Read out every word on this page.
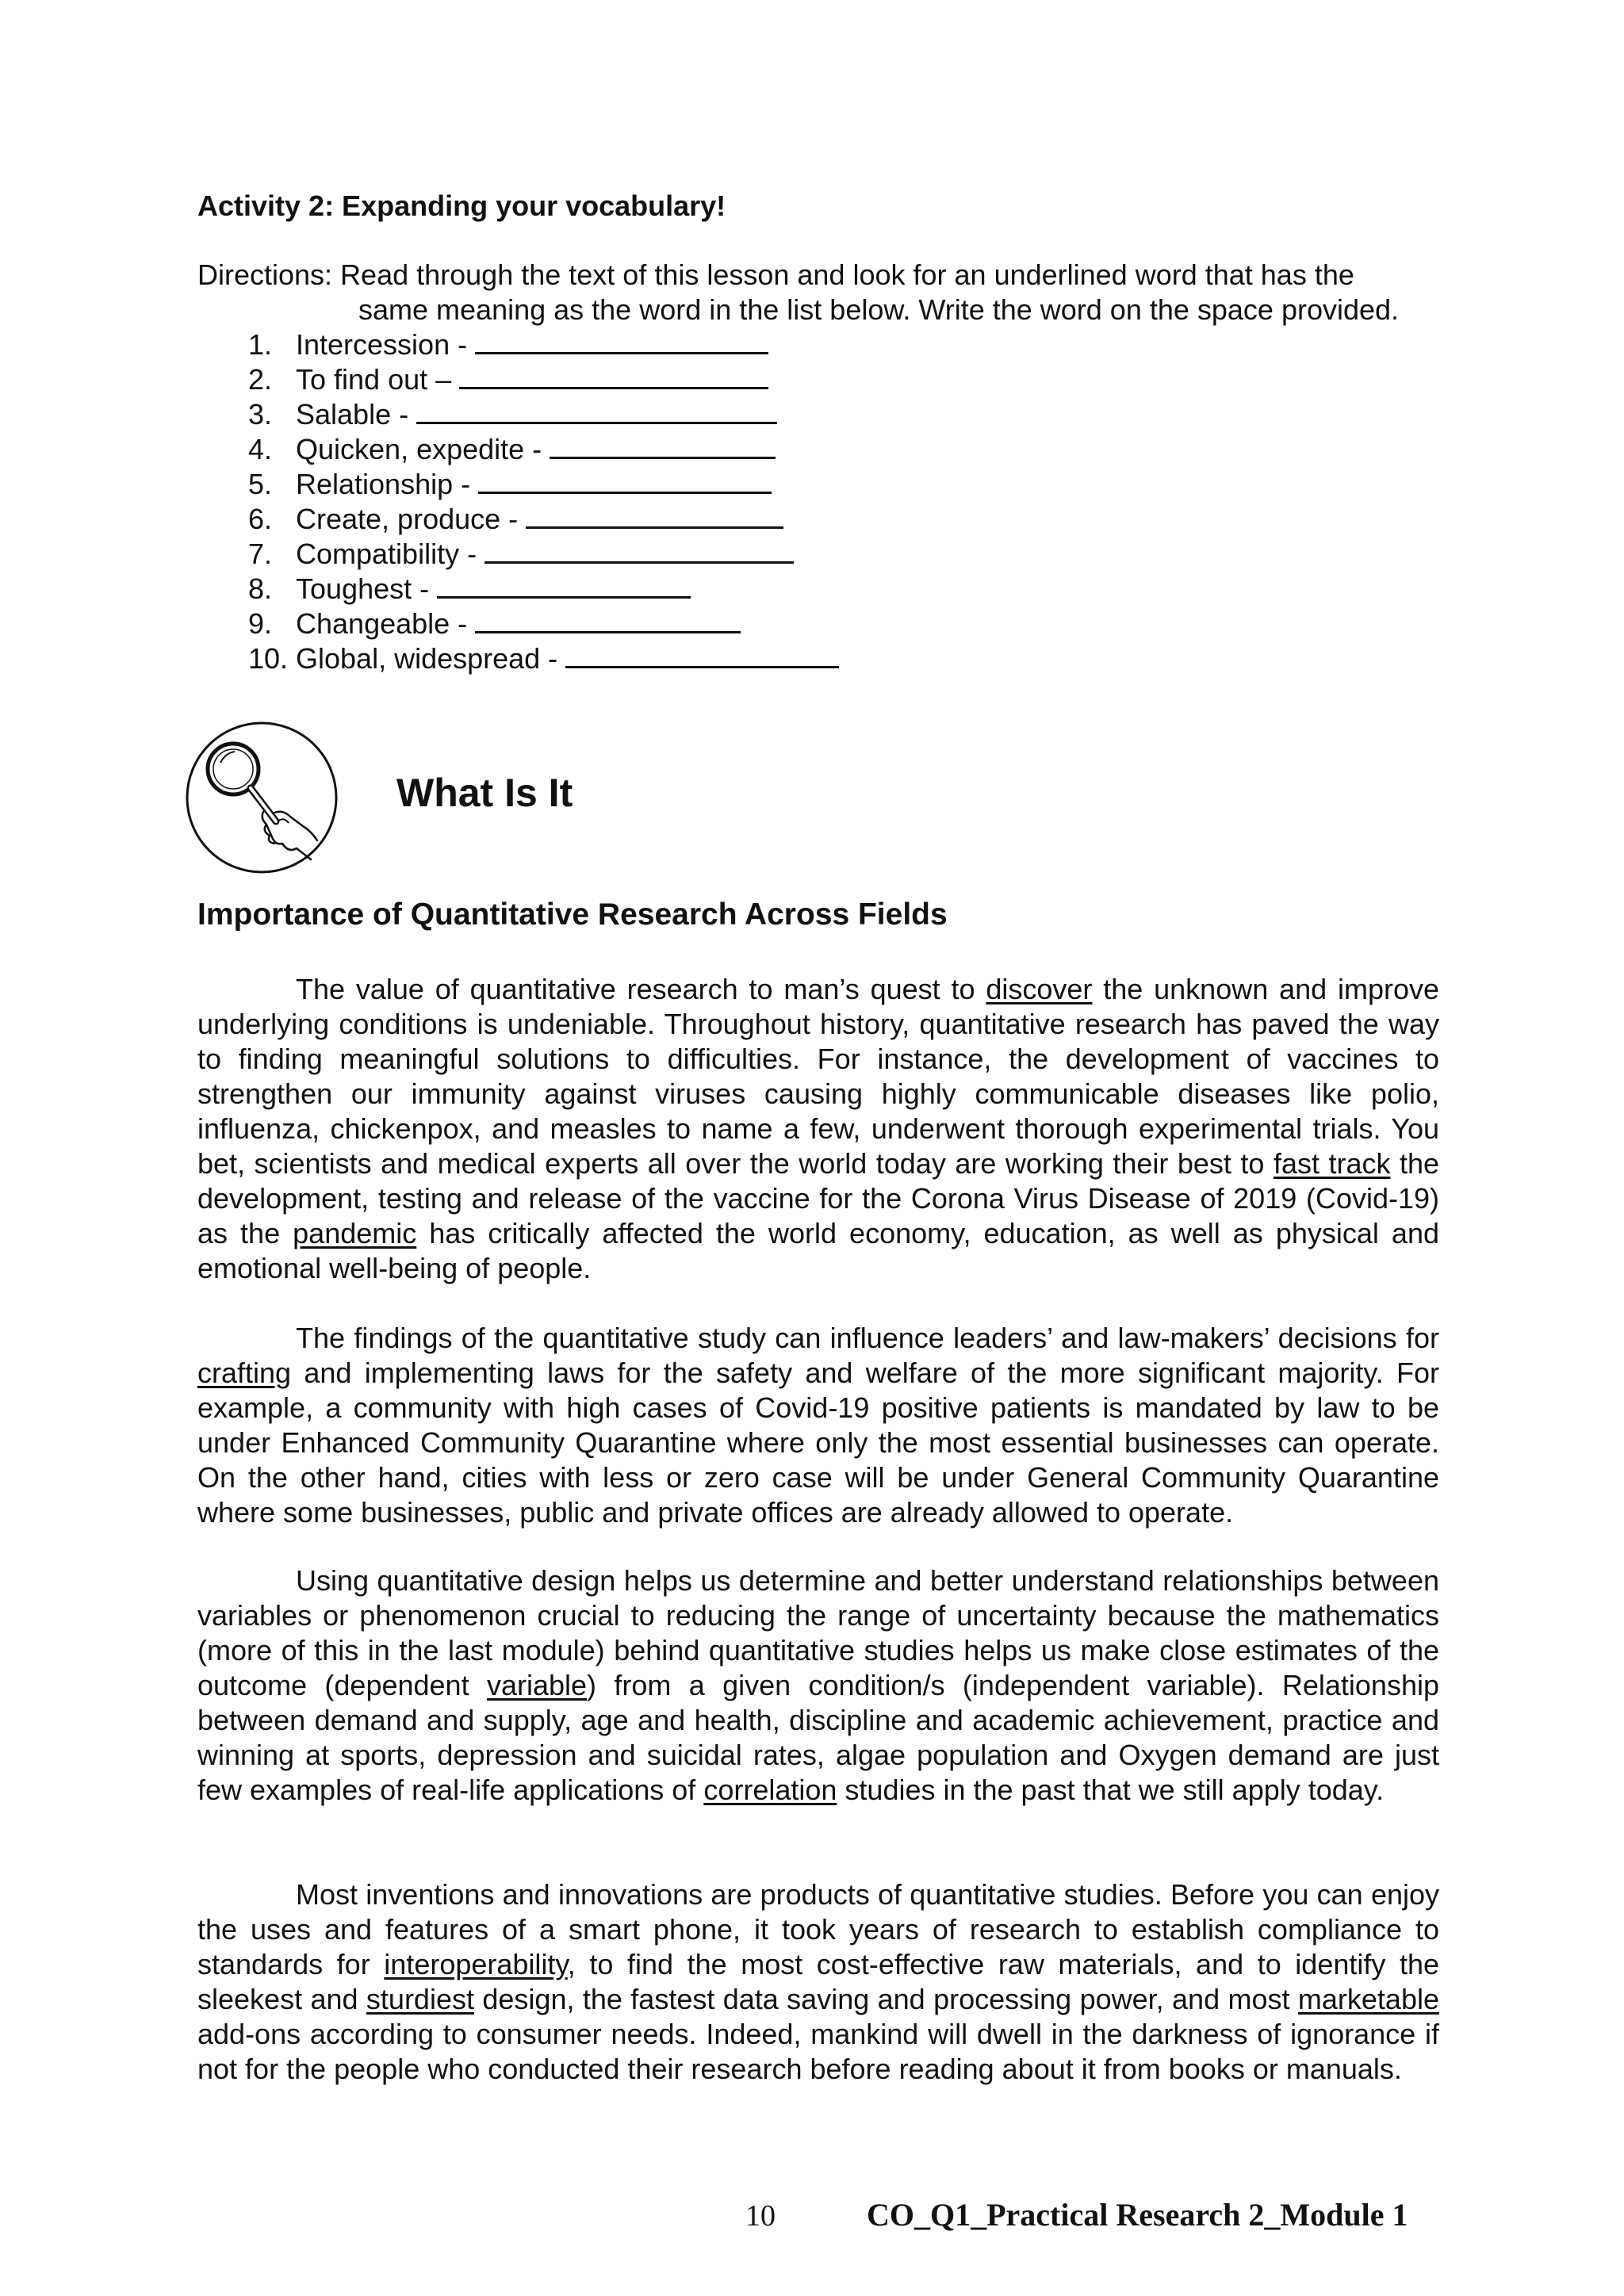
Activity 2: Expanding your vocabulary!
Directions: Read through the text of this lesson and look for an underlined word that has the
same meaning as the word in the list below. Write the word on the space provided.
1. Intercession -
2. To find out –
3. Salable -
4. Quicken, expedite -
5. Relationship -
6. Create, produce -
7. Compatibility -
8. Toughest -
9. Changeable -
10. Global, widespread -
What Is It
Importance of Quantitative Research Across Fields
The value of quantitative research to man’s quest to discover the unknown and improve underlying conditions is undeniable. Throughout history, quantitative research has paved the way to finding meaningful solutions to difficulties. For instance, the development of vaccines to strengthen our immunity against viruses causing highly communicable diseases like polio, influenza, chickenpox, and measles to name a few, underwent thorough experimental trials. You bet, scientists and medical experts all over the world today are working their best to fast track the development, testing and release of the vaccine for the Corona Virus Disease of 2019 (Covid-19) as the pandemic has critically affected the world economy, education, as well as physical and emotional well-being of people.
The findings of the quantitative study can influence leaders’ and law-makers’ decisions for crafting and implementing laws for the safety and welfare of the more significant majority. For example, a community with high cases of Covid-19 positive patients is mandated by law to be under Enhanced Community Quarantine where only the most essential businesses can operate. On the other hand, cities with less or zero case will be under General Community Quarantine where some businesses, public and private offices are already allowed to operate.
Using quantitative design helps us determine and better understand relationships between variables or phenomenon crucial to reducing the range of uncertainty because the mathematics (more of this in the last module) behind quantitative studies helps us make close estimates of the outcome (dependent variable) from a given condition/s (independent variable). Relationship between demand and supply, age and health, discipline and academic achievement, practice and winning at sports, depression and suicidal rates, algae population and Oxygen demand are just few examples of real-life applications of correlation studies in the past that we still apply today.
Most inventions and innovations are products of quantitative studies. Before you can enjoy the uses and features of a smart phone, it took years of research to establish compliance to standards for interoperability, to find the most cost-effective raw materials, and to identify the sleekest and sturdiest design, the fastest data saving and processing power, and most marketable add-ons according to consumer needs. Indeed, mankind will dwell in the darkness of ignorance if not for the people who conducted their research before reading about it from books or manuals.
10	CO_Q1_Practical Research 2_Module 1
